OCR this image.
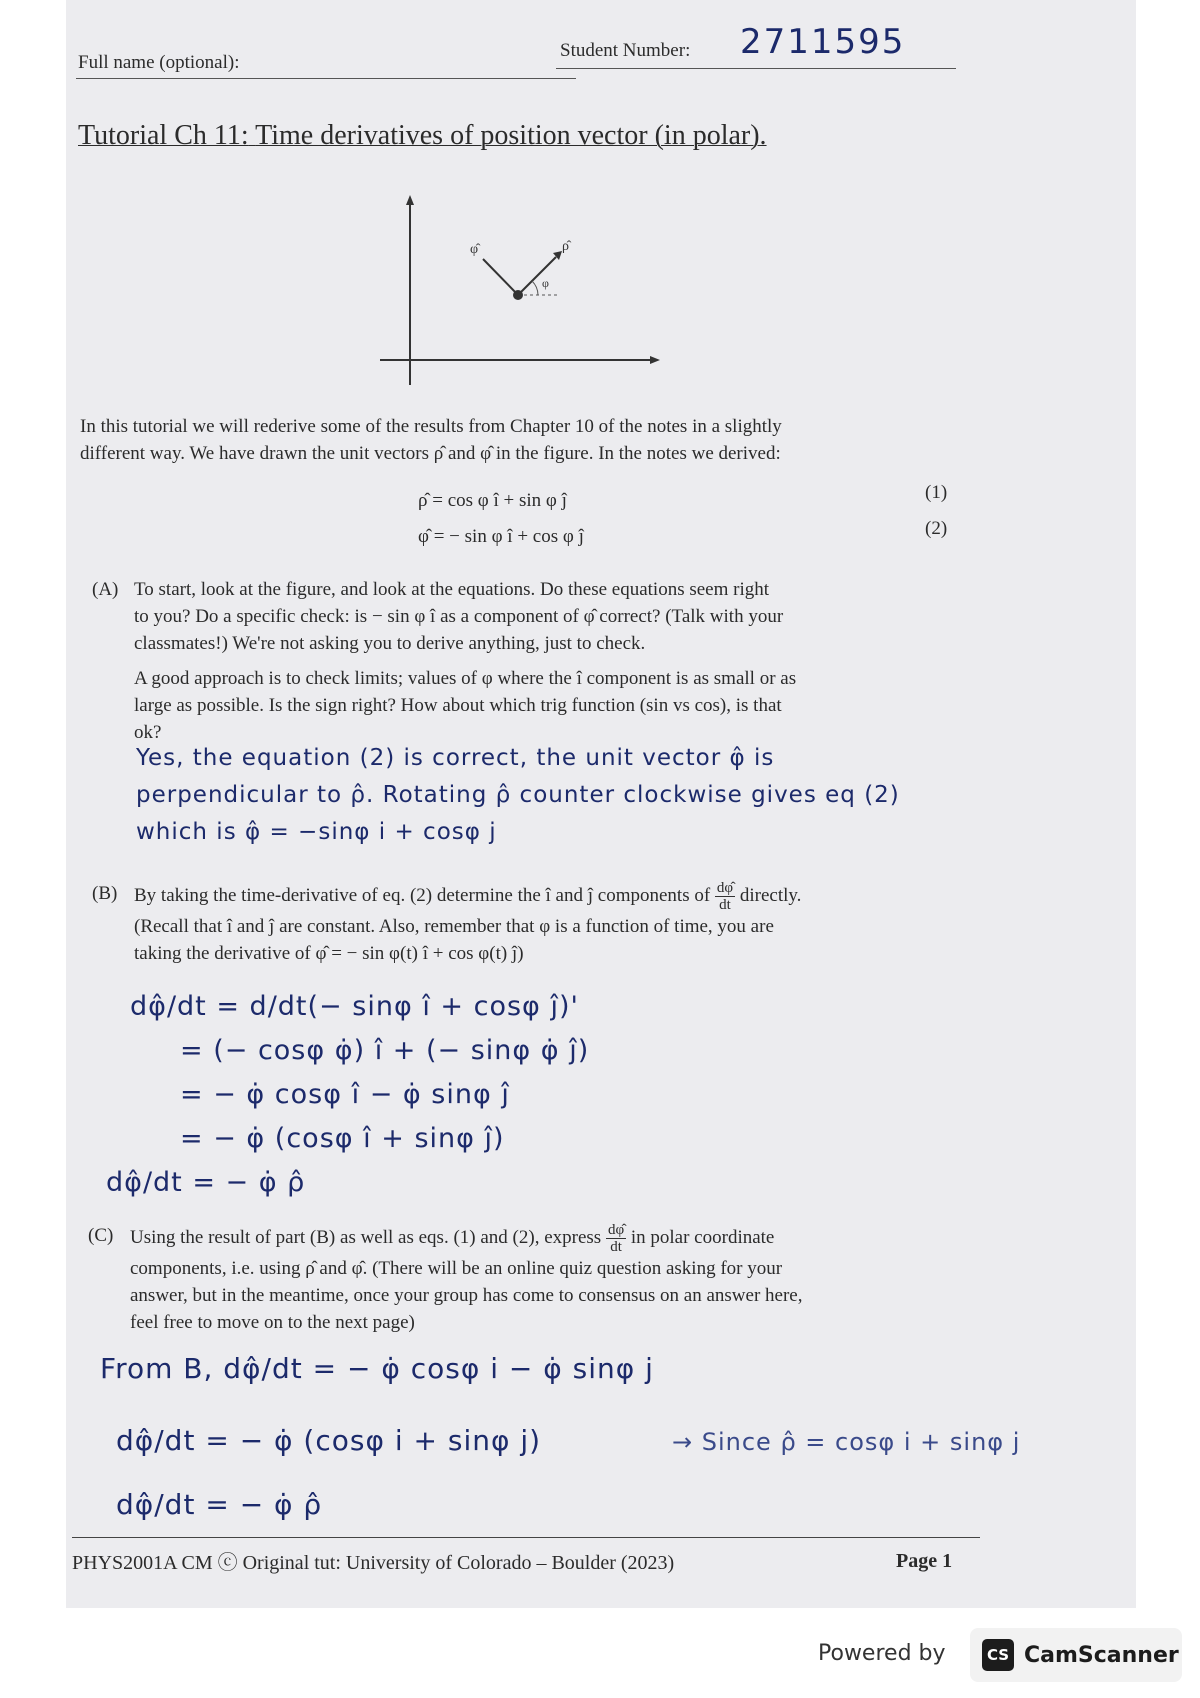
Full name (optional):
Student Number: 2711595
Tutorial Ch 11: Time derivatives of position vector (in polar).
φ̂	ρ̂
φ
In this tutorial we will rederive some of the results from Chapter 10 of the notes in a slightly
different way. We have drawn the unit vectors ρ̂ and φ̂ in the figure. In the notes we derived:
ρ̂ = cos φ î + sin φ ĵ	(1)
φ̂ = − sin φ î + cos φ ĵ	(2)
(A) To start, look at the figure, and look at the equations. Do these equations seem right
to you? Do a specific check: is − sin φ î as a component of φ̂ correct? (Talk with your
classmates!) We're not asking you to derive anything, just to check.
A good approach is to check limits; values of φ where the î component is as small or as
large as possible. Is the sign right? How about which trig function (sin vs cos), is that
ok?
Yes, the equation (2) is correct, the unit vector φ̂ is
perpendicular to ρ̂. Rotating ρ̂ counter clockwise gives eq (2)
which is φ̂ = −sinφ i + cosφ j
(B) By taking the time-derivative of eq. (2) determine the î and ĵ components of $\frac{d\varphî}{dt}$ directly.
(Recall that î and ĵ are constant. Also, remember that φ is a function of time, you are
taking the derivative of φ̂ = − sin φ(t) î + cos φ(t) ĵ)
dφ̂/dt = d/dt(− sinφ î + cosφ ĵ)'
= (− cosφ φ̇) î + (− sinφ φ̇ ĵ)
= − φ̇ cosφ î − φ̇ sinφ ĵ
= − φ̇ (cosφ î + sinφ ĵ)
dφ̂/dt = − φ̇ ρ̂
(C) Using the result of part (B) as well as eqs. (1) and (2), express $\frac{d\varphî}{dt}$ in polar coordinate
components, i.e. using ρ̂ and φ̂. (There will be an online quiz question asking for your
answer, but in the meantime, once your group has come to consensus on an answer here,
feel free to move on to the next page)
From B, dφ̂/dt = − φ̇ cosφ i − φ̇ sinφ j
dφ̂/dt = − φ̇ (cosφ i + sinφ j)	→ Since ρ̂ = cosφ i + sinφ j
dφ̂/dt = − φ̇ ρ̂
PHYS2001A CM ⓒ Original tut: University of Colorado – Boulder (2023)	Page 1
Powered by	CS CamScanner
